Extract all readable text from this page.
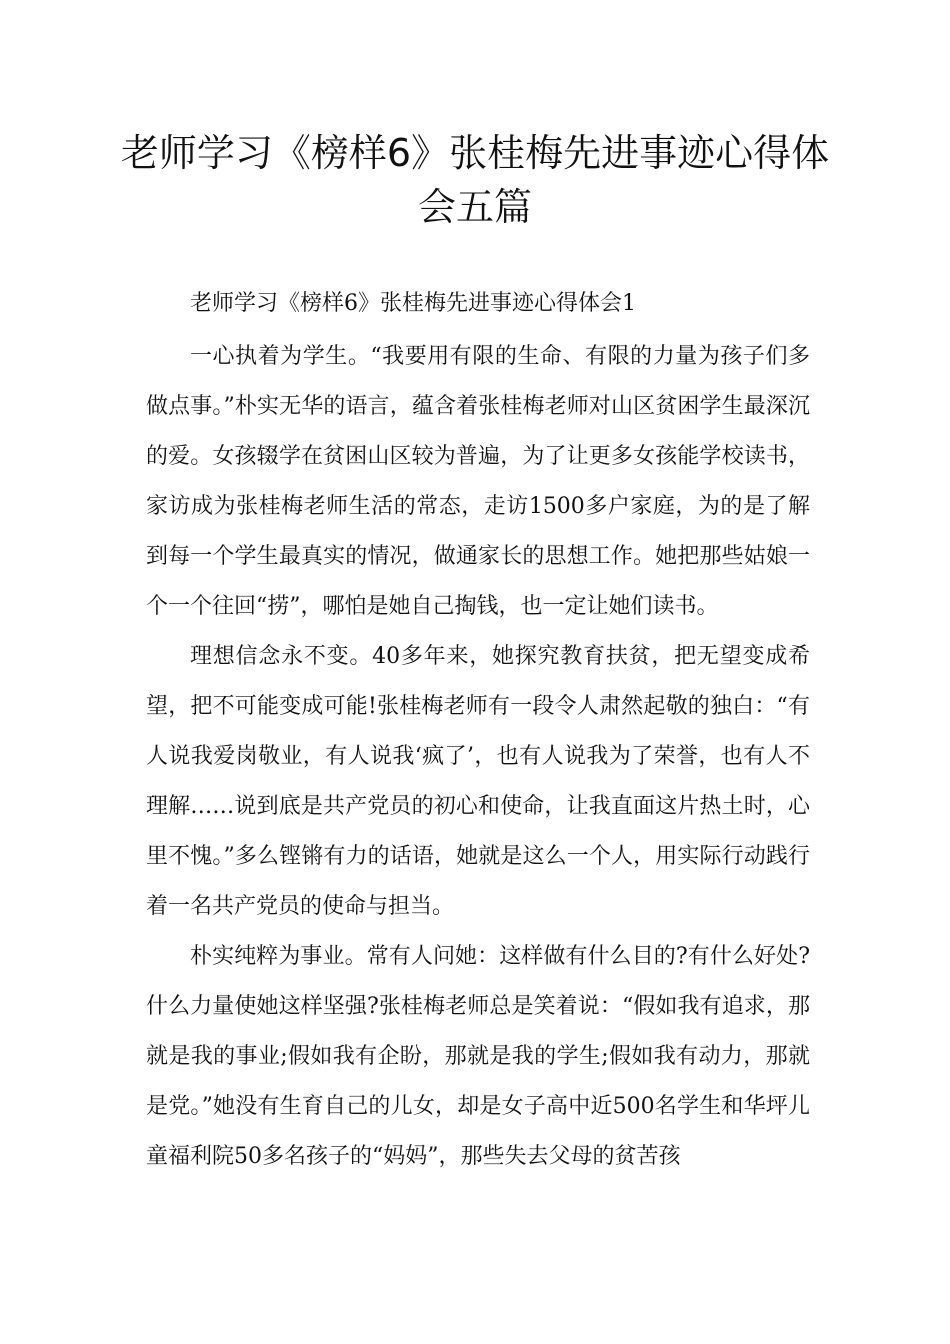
老师学习《榜样6》张桂梅先进事迹心得体会五篇

老师学习《榜样6》张桂梅先进事迹心得体会1

一心执着为学生。“我要用有限的生命、有限的力量为孩子们多做点事。”朴实无华的语言，蕴含着张桂梅老师对山区贫困学生最深沉的爱。女孩辍学在贫困山区较为普遍，为了让更多女孩能学校读书，家访成为张桂梅老师生活的常态，走访1500多户家庭，为的是了解到每一个学生最真实的情况，做通家长的思想工作。她把那些姑娘一个一个往回“捞”，哪怕是她自己掏钱，也一定让她们读书。

理想信念永不变。40多年来，她探究教育扶贫，把无望变成希望，把不可能变成可能!张桂梅老师有一段令人肃然起敬的独白：“有人说我爱岗敬业，有人说我‘疯了’，也有人说我为了荣誉，也有人不理解……说到底是共产党员的初心和使命，让我直面这片热土时，心里不愧。”多么铿锵有力的话语，她就是这么一个人，用实际行动践行着一名共产党员的使命与担当。

朴实纯粹为事业。常有人问她：这样做有什么目的?有什么好处?什么力量使她这样坚强?张桂梅老师总是笑着说：“假如我有追求，那就是我的事业;假如我有企盼，那就是我的学生;假如我有动力，那就是党。”她没有生育自己的儿女，却是女子高中近500名学生和华坪儿童福利院50多名孩子的“妈妈”，那些失去父母的贫苦孩
